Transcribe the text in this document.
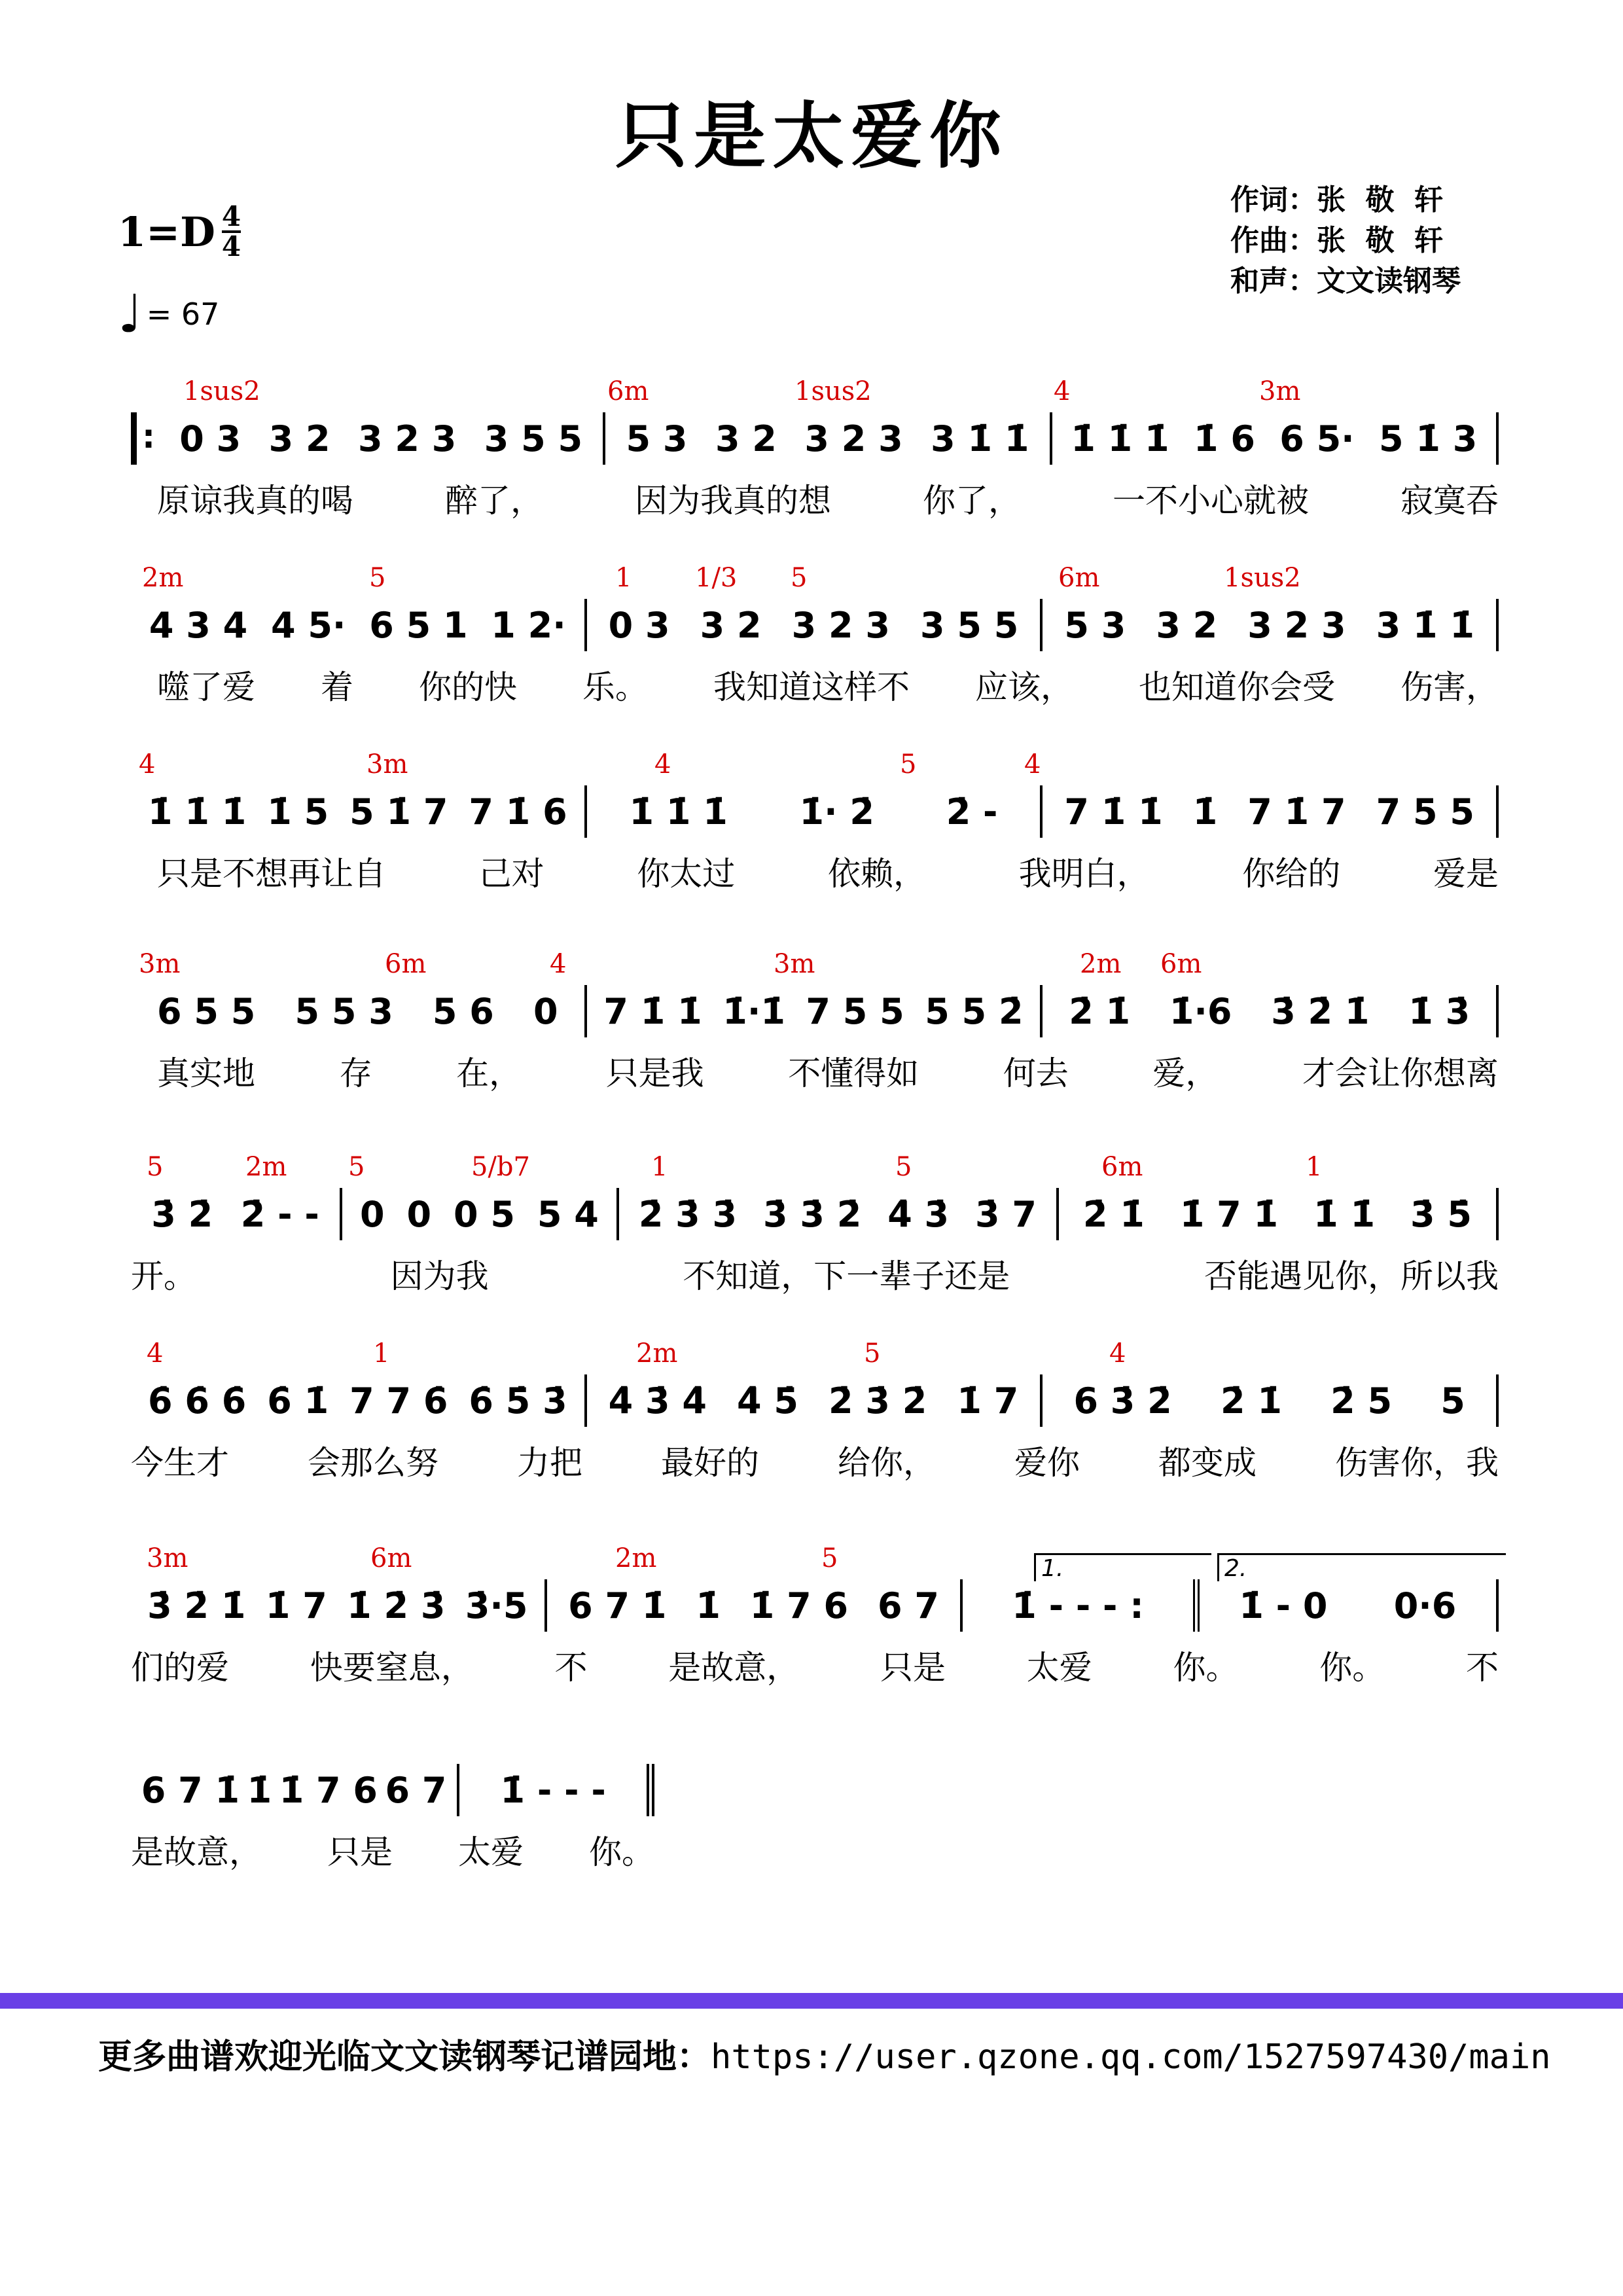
只是太爱你
1=D 4
4
♩ = 67
作词：张  敬  轩
作曲：张  敬  轩
和声：文文读钢琴
1sus2	6m	1sus2	4	3m
:
0 3 3 2 3 2 3 3 5 5 5 3 3 2 3 2 3 3 1̇ 1̇ 1̇ 1̇ 1̇ 1̇ 6 6 5· 5 1̇ 3
原谅我真的喝	醉了，	因为我真的想	你了，	一不小心就被	寂寞吞
2m	5	1 1/3 5	6m	1sus2
4 3 4 4 5· 6 5 1 1 2· 0 3 3 2 3 2 3 3 5 5 5 3 3 2 3 2 3 3 1̇ 1̇
噬了爱 着 你的快 乐。 我知道这样不 应该， 也知道你会受 伤害，
4	3m	4	5	4
1̇ 1̇ 1̇ 1̇ 5 5 1̇ 7 7 1̇ 6 1̇ 1̇ 1̇ 1̇· 2̇ 2̇ - 7 1̇ 1̇ 1̇ 7 1̇ 7 7 5 5
只是不想再让自	己对	你太过	依赖，	我明白，	你给的	爱是
3m	6m	4	3m	2m 6m
6 5 5 5 5 3 5 6 0 7 1̇ 1̇ 1̇·1̇ 7 5 5 5 5 2̇ 2̇ 1̇ 1̇·6 3̇ 2̇ 1̇ 1̇ 3̇
真实地	存	在，	只是我	不懂得如	何去	爱，	才会让你想离
5	2m 5	5/b7	1	5	6m	1
3̇ 2̇ 2̇ - - 0 0 0 5 5 4 2̇ 3̇ 3̇ 3̇ 3̇ 2̇ 4̇ 3̇ 3̇ 7 2̇ 1̇ 1̇ 7 1̇ 1̇ 1̇ 3̇ 5̇
开。	因为我	不知道，下一辈子还是	否能遇见你，所以我
4	1	2m	5	4
6̇ 6̇ 6̇ 6̇ 1̇ 7 7 6̇ 6̇ 5̇ 3̇ 4̇ 3̇ 4̇ 4̇ 5̇ 2̇ 3̇ 2̇ 1̇ 7 6 3̇ 2̇ 2̇ 1̇ 2̇ 5 5
今生才 会那么努 力把 最好的 给你， 爱你 都变成 伤害你，我
3m	6m	2m	5
3̇ 2̇ 1̇ 1̇ 7 1̇ 2̇ 3̇ 3̇·5 6 7 1̇ 1̇ 1̇ 7 6 6 7 1̇ - - - :	1̇ - 0 0·6
1.	2.
们的爱 快要窒息， 不 是故意， 只是 太爱 你。 你。 不
6 7 1̇ 1̇ 1̇ 7 6 6 7 1̇ - - -
是故意， 只是 太爱 你。
更多曲谱欢迎光临文文读钢琴记谱园地：https://user.qzone.qq.com/1527597430/main
